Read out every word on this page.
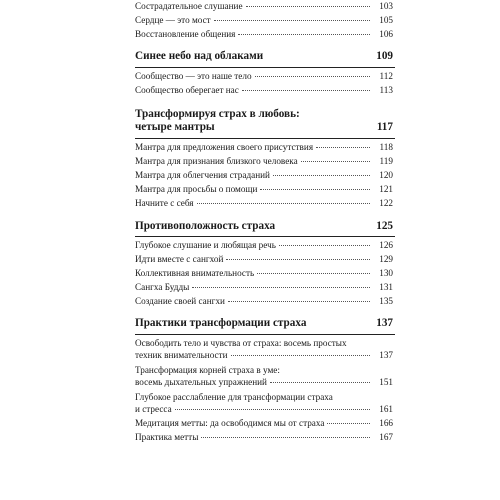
Сострадательное слушание	103
Сердце — это мост	105
Восстановление общения	106
Синее небо над облаками	109
Сообщество — это наше тело	112
Сообщество оберегает нас	113
Трансформируя страх в любовь:
четыре мантры	117
Мантра для предложения своего присутствия	118
Мантра для признания близкого человека	119
Мантра для облегчения страданий	120
Мантра для просьбы о помощи	121
Начните с себя	122
Противоположность страха	125
Глубокое слушание и любящая речь	126
Идти вместе с сангхой	129
Коллективная внимательность	130
Сангха Будды	131
Создание своей сангхи	135
Практики трансформации страха	137
Освободить тело и чувства от страха: восемь простых
техник внимательности	137
Трансформация корней страха в уме:
восемь дыхательных упражнений	151
Глубокое расслабление для трансформации страха
и стресса	161
Медитация метты: да освободимся мы от страха	166
Практика метты	167
